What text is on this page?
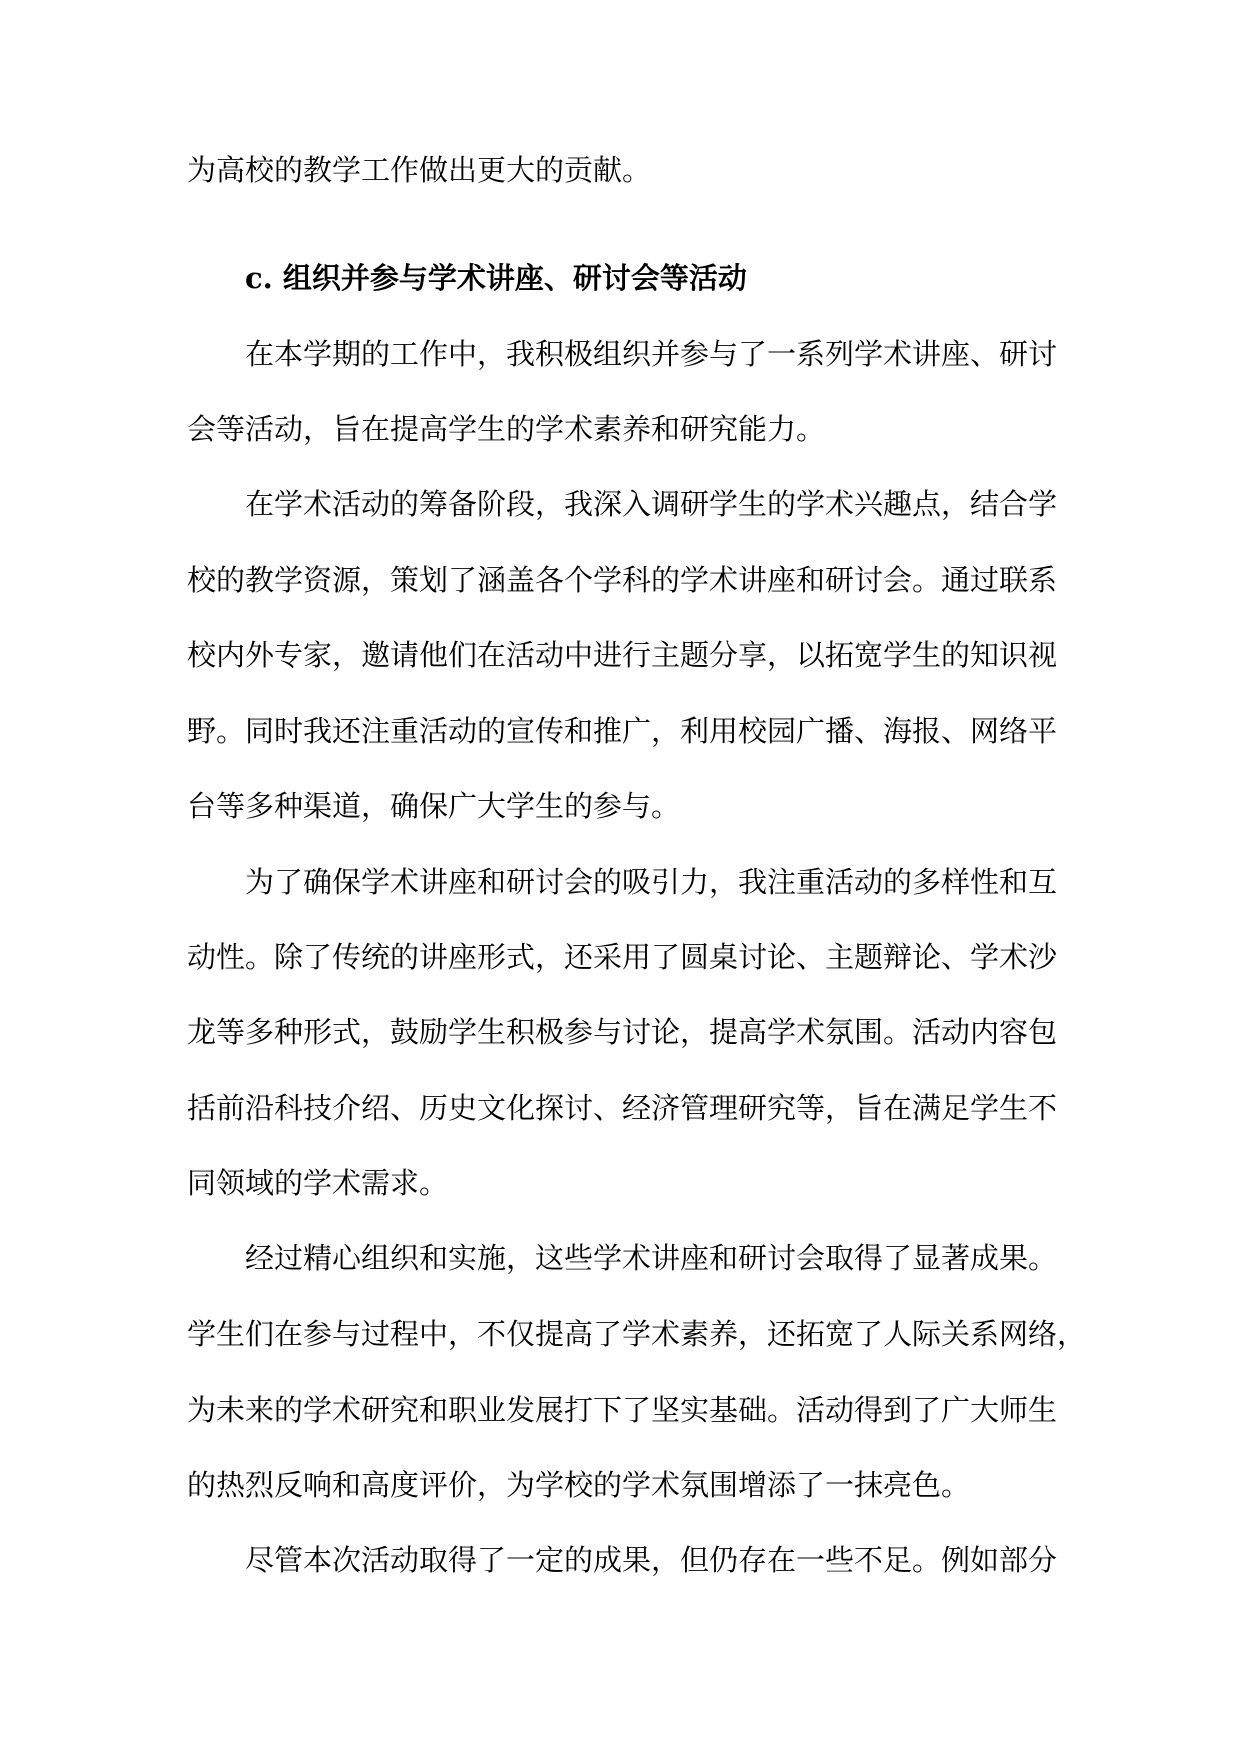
为高校的教学工作做出更大的贡献。
c. 组织并参与学术讲座、研讨会等活动
在本学期的工作中，我积极组织并参与了一系列学术讲座、研讨
会等活动，旨在提高学生的学术素养和研究能力。
在学术活动的筹备阶段，我深入调研学生的学术兴趣点，结合学
校的教学资源，策划了涵盖各个学科的学术讲座和研讨会。通过联系
校内外专家，邀请他们在活动中进行主题分享，以拓宽学生的知识视
野。同时我还注重活动的宣传和推广，利用校园广播、海报、网络平
台等多种渠道，确保广大学生的参与。
为了确保学术讲座和研讨会的吸引力，我注重活动的多样性和互
动性。除了传统的讲座形式，还采用了圆桌讨论、主题辩论、学术沙
龙等多种形式，鼓励学生积极参与讨论，提高学术氛围。活动内容包
括前沿科技介绍、历史文化探讨、经济管理研究等，旨在满足学生不
同领域的学术需求。
经过精心组织和实施，这些学术讲座和研讨会取得了显著成果。
学生们在参与过程中，不仅提高了学术素养，还拓宽了人际关系网络，
为未来的学术研究和职业发展打下了坚实基础。活动得到了广大师生
的热烈反响和高度评价，为学校的学术氛围增添了一抹亮色。
尽管本次活动取得了一定的成果，但仍存在一些不足。例如部分
